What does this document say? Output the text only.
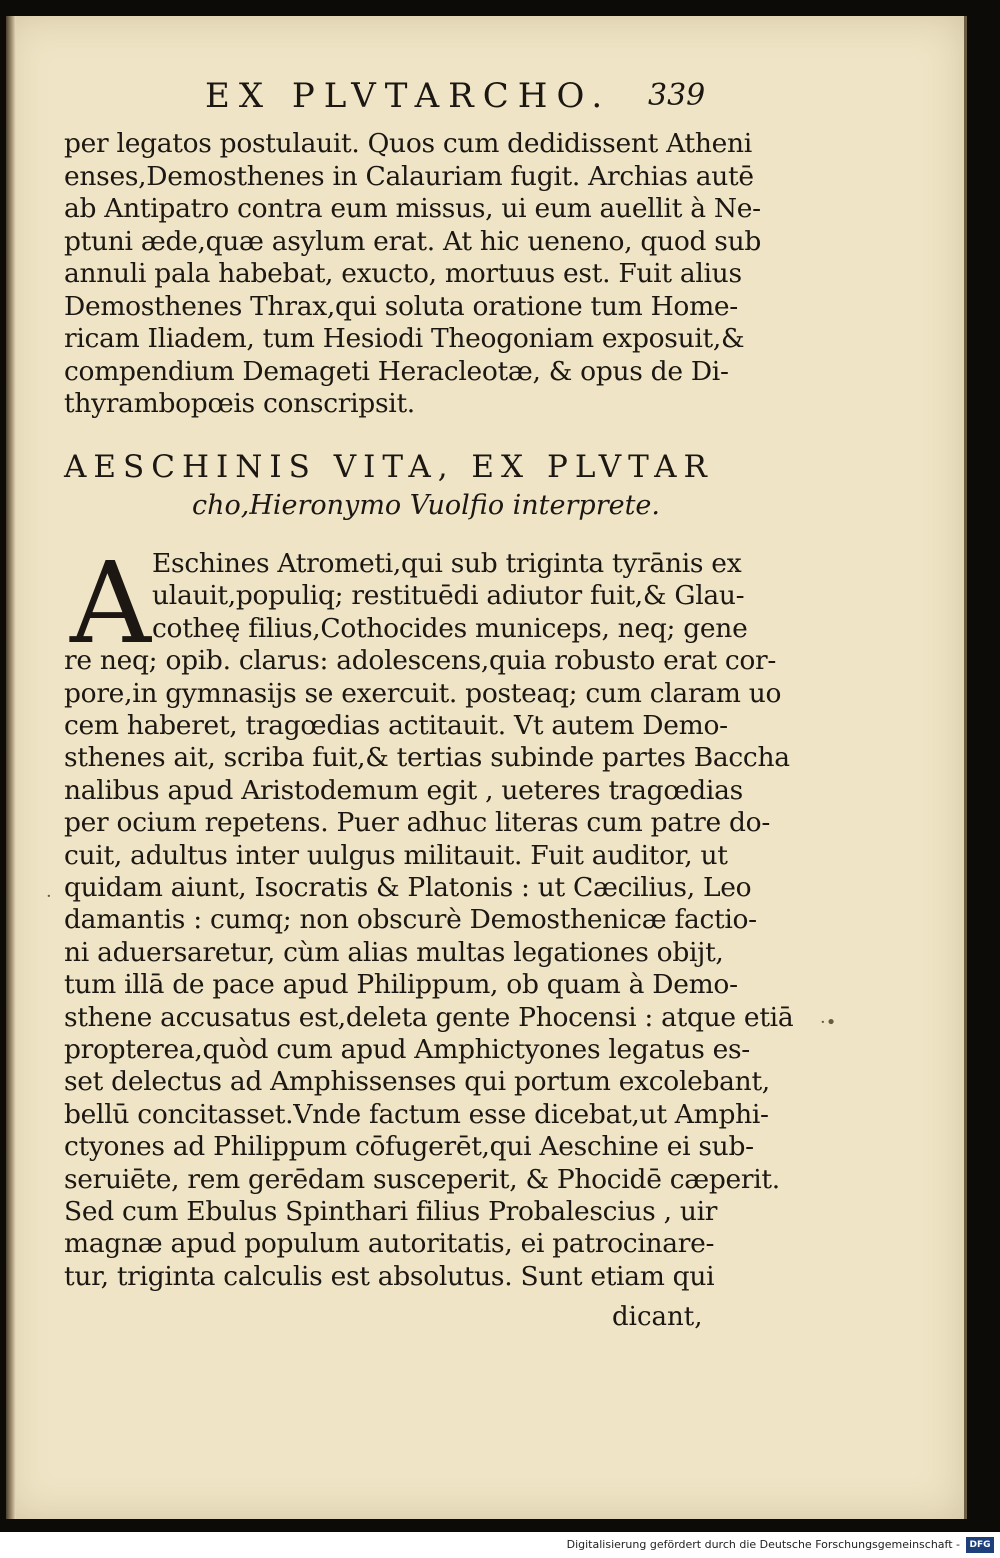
EX PLVTARCHO. 339
per legatos postulauit. Quos cum dedidissent Atheni
enses,Demosthenes in Calauriam fugit. Archias autē
ab Antipatro contra eum missus, ui eum auellit à Ne-
ptuni æde,quæ asylum erat. At hic ueneno, quod sub
annuli pala habebat, exucto, mortuus est. Fuit alius
Demosthenes Thrax,qui soluta oratione tum Home-
ricam Iliadem, tum Hesiodi Theogoniam exposuit,&
compendium Demageti Heracleotæ, & opus de Di-
thyrambopœis conscripsit.
AESCHINIS VITA, EX PLVTAR
cho,Hieronymo Vuolfio interprete.
A Eschines Atrometi,qui sub triginta tyrānis ex
ulauit,populiq; restituēdi adiutor fuit,& Glau-
cotheę filius,Cothocides municeps, neq; gene
re neq; opib. clarus: adolescens,quia robusto erat cor-
pore,in gymnasijs se exercuit. posteaq; cum claram uo
cem haberet, tragœdias actitauit. Vt autem Demo-
sthenes ait, scriba fuit,& tertias subinde partes Baccha
nalibus apud Aristodemum egit , ueteres tragœdias
per ocium repetens. Puer adhuc literas cum patre do-
cuit, adultus inter uulgus militauit. Fuit auditor, ut
quidam aiunt, Isocratis & Platonis : ut Cæcilius, Leo
damantis : cumq; non obscurè Demosthenicæ factio-
ni aduersaretur, cùm alias multas legationes obijt,
tum illā de pace apud Philippum, ob quam à Demo-
sthene accusatus est,deleta gente Phocensi : atque etiā
propterea,quòd cum apud Amphictyones legatus es-
set delectus ad Amphissenses qui portum excolebant,
bellū concitasset.Vnde factum esse dicebat,ut Amphi-
ctyones ad Philippum cōfugerēt,qui Aeschine ei sub-
seruiēte, rem gerēdam susceperit, & Phocidē cæperit.
Sed cum Ebulus Spinthari filius Probalescius , uir
magnæ apud populum autoritatis, ei patrocinare-
tur, triginta calculis est absolutus. Sunt etiam qui
dicant,
·•
·
Digitalisierung gefördert durch die Deutsche Forschungsgemeinschaft -	DFG
